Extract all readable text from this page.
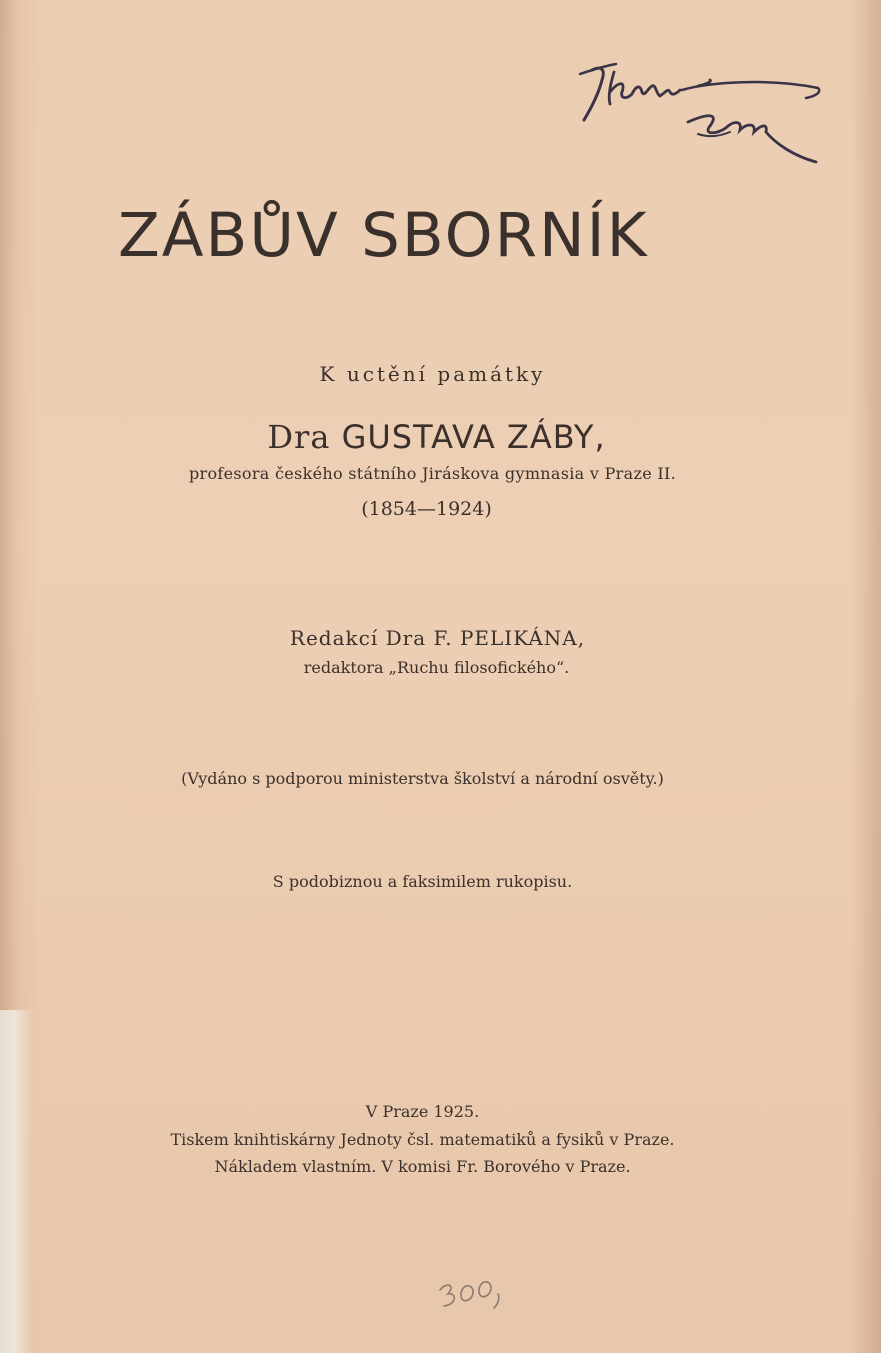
ZÁBŮV SBORNÍK
K uctění památky
Dra GUSTAVA ZÁBY,
profesora českého státního Jiráskova gymnasia v Praze II.
(1854—1924)
Redakcí Dra F. PELIKÁNA,
redaktora „Ruchu filosofického“.
(Vydáno s podporou ministerstva školství a národní osvěty.)
S podobiznou a faksimilem rukopisu.
V Praze 1925.
Tiskem knihtiskárny Jednoty čsl. matematiků a fysiků v Praze.
Nákladem vlastním. V komisi Fr. Borového v Praze.
